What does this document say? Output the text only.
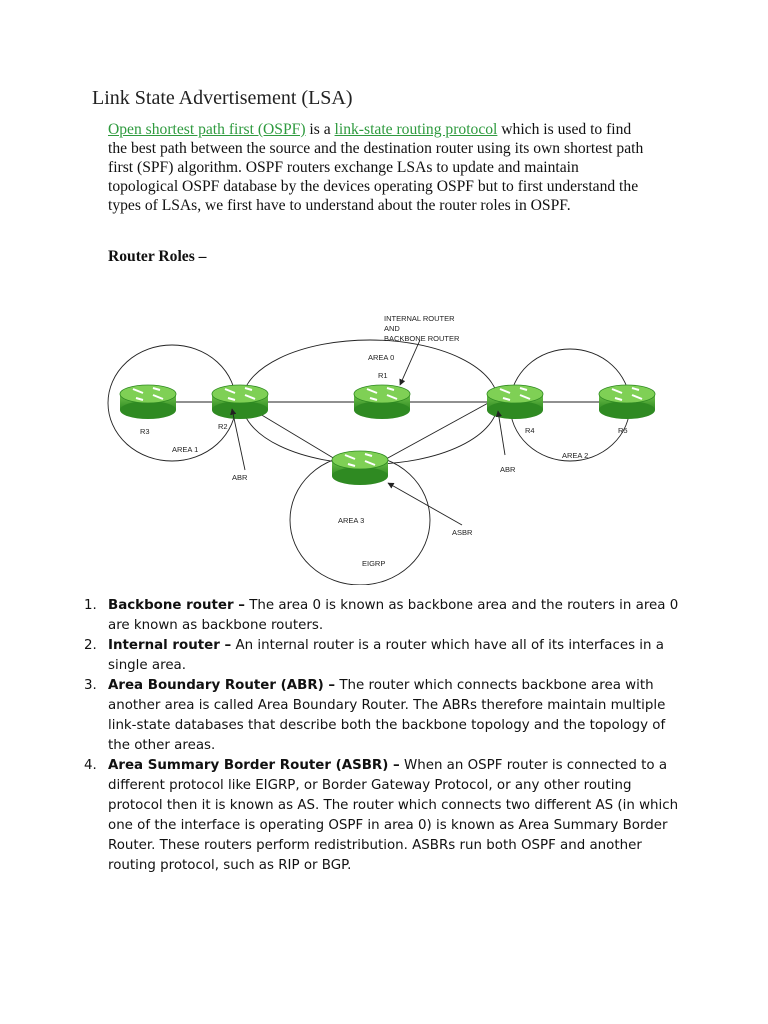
Link State Advertisement (LSA)

Open shortest path first (OSPF) is a link-state routing protocol which is used to find the best path between the source and the destination router using its own shortest path first (SPF) algorithm. OSPF routers exchange LSAs to update and maintain topological OSPF database by the devices operating OSPF but to first understand the types of LSAs, we first have to understand about the router roles in OSPF.

Router Roles –

INTERNAL ROUTER
AND
BACKBONE ROUTER
AREA 0
R1
R3
R2
AREA 1
ABR
R4	R5
AREA 2
ABR
AREA 3
ASBR
EIGRP
1. Backbone router – The area 0 is known as backbone area and the routers in area 0 are known as backbone routers.
2. Internal router – An internal router is a router which have all of its interfaces in a single area.
3. Area Boundary Router (ABR) – The router which connects backbone area with another area is called Area Boundary Router. The ABRs therefore maintain multiple link-state databases that describe both the backbone topology and the topology of the other areas.
4. Area Summary Border Router (ASBR) – When an OSPF router is connected to a different protocol like EIGRP, or Border Gateway Protocol, or any other routing protocol then it is known as AS. The router which connects two different AS (in which one of the interface is operating OSPF in area 0) is known as Area Summary Border Router. These routers perform redistribution. ASBRs run both OSPF and another routing protocol, such as RIP or BGP.
